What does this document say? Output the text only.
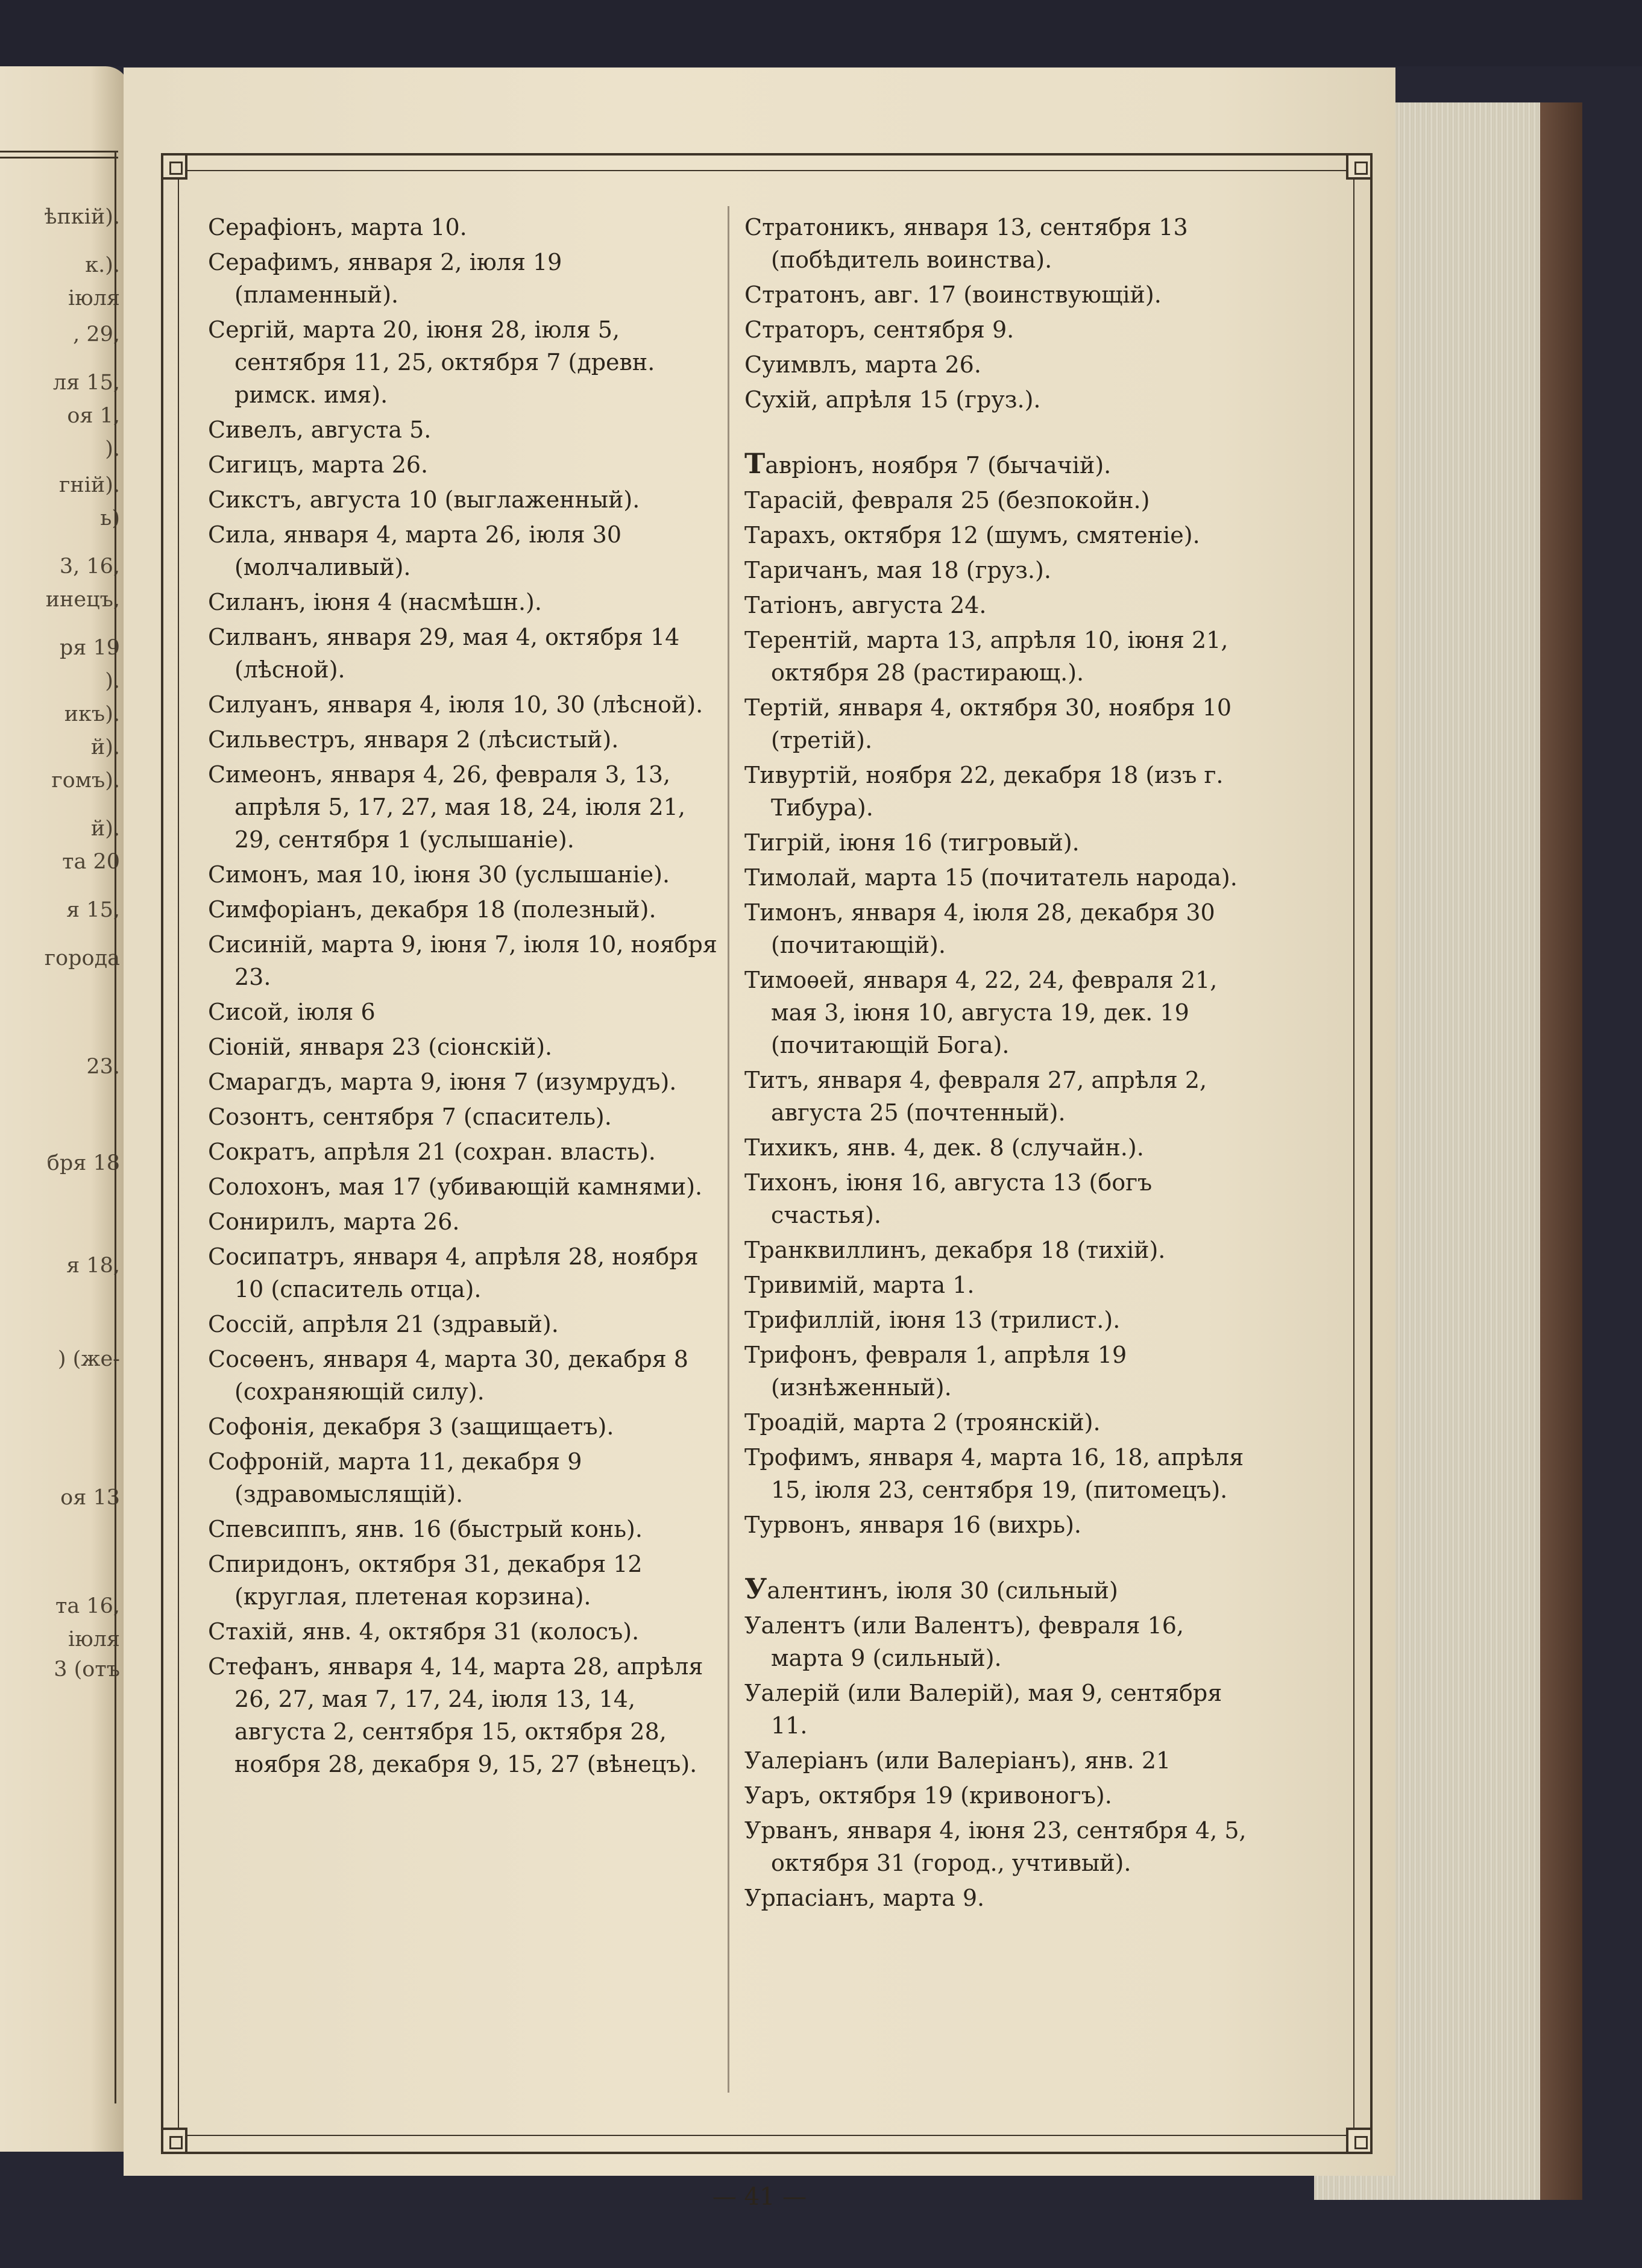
ѣпкій).
к.).
іюля
, 29,
ля 15,
оя 1,
).
гній).
ь)
3, 16,
инецъ,
ря 19
).
икъ).
й).
гомъ).
й).
та 20
я 15,
города
23.
бря 18
я 18,
) (же-
оя 13
та 16,
іюля
3 (отъ
Серафіонъ, марта 10.
Серафимъ, января 2, іюля 19 (пламенный).
Сергій, марта 20, іюня 28, іюля 5, сентября 11, 25, октября 7 (древн. римск. имя).
Сивелъ, августа 5.
Сигицъ, марта 26.
Сикстъ, августа 10 (выглаженный).
Сила, января 4, марта 26, іюля 30 (молчаливый).
Силанъ, іюня 4 (насмѣшн.).
Силванъ, января 29, мая 4, октября 14 (лѣсной).
Силуанъ, января 4, іюля 10, 30 (лѣсной).
Сильвестръ, января 2 (лѣсистый).
Симеонъ, января 4, 26, февраля 3, 13, апрѣля 5, 17, 27, мая 18, 24, іюля 21, 29, сентября 1 (услышаніе).
Симонъ, мая 10, іюня 30 (услышаніе).
Симфоріанъ, декабря 18 (полезный).
Сисиній, марта 9, іюня 7, іюля 10, ноября 23.
Сисой, іюля 6
Сіоній, января 23 (сіонскій).
Смарагдъ, марта 9, іюня 7 (изумрудъ).
Созонтъ, сентября 7 (спаситель).
Сократъ, апрѣля 21 (сохран. власть).
Солохонъ, мая 17 (убивающій камнями).
Сонирилъ, марта 26.
Сосипатръ, января 4, апрѣля 28, ноября 10 (спаситель отца).
Соссій, апрѣля 21 (здравый).
Сосѳенъ, января 4, марта 30, декабря 8 (сохраняющій силу).
Софонія, декабря 3 (защищаетъ).
Софроній, марта 11, декабря 9 (здравомыслящій).
Спевсиппъ, янв. 16 (быстрый конь).
Спиридонъ, октября 31, декабря 12 (круглая, плетеная корзина).
Стахій, янв. 4, октября 31 (колосъ).
Стефанъ, января 4, 14, марта 28, апрѣля 26, 27, мая 7, 17, 24, іюля 13, 14, августа 2, сентября 15, октября 28, ноября 28, декабря 9, 15, 27 (вѣнецъ).
Стратоникъ, января 13, сентября 13 (побѣдитель воинства).
Стратонъ, авг. 17 (воинствующій).
Страторъ, сентября 9.
Суимвлъ, марта 26.
Сухій, апрѣля 15 (груз.).
Тавріонъ, ноября 7 (бычачій).
Тарасій, февраля 25 (безпокойн.)
Тарахъ, октября 12 (шумъ, смятеніе).
Таричанъ, мая 18 (груз.).
Татіонъ, августа 24.
Терентій, марта 13, апрѣля 10, іюня 21, октября 28 (растирающ.).
Тертій, января 4, октября 30, ноября 10 (третій).
Тивуртій, ноября 22, декабря 18 (изъ г. Тибура).
Тигрій, іюня 16 (тигровый).
Тимолай, марта 15 (почитатель народа).
Тимонъ, января 4, іюля 28, декабря 30 (почитающій).
Тимоѳей, января 4, 22, 24, февраля 21, мая 3, іюня 10, августа 19, дек. 19 (почитающій Бога).
Титъ, января 4, февраля 27, апрѣля 2, августа 25 (почтенный).
Тихикъ, янв. 4, дек. 8 (случайн.).
Тихонъ, іюня 16, августа 13 (богъ счастья).
Транквиллинъ, декабря 18 (тихій).
Тривимій, марта 1.
Трифиллій, іюня 13 (трилист.).
Трифонъ, февраля 1, апрѣля 19 (изнѣженный).
Троадій, марта 2 (троянскій).
Трофимъ, января 4, марта 16, 18, апрѣля 15, іюля 23, сентября 19, (питомецъ).
Турвонъ, января 16 (вихрь).
Уалентинъ, іюля 30 (сильный)
Уалентъ (или Валентъ), февраля 16, марта 9 (сильный).
Уалерій (или Валерій), мая 9, сентября 11.
Уалеріанъ (или Валеріанъ), янв. 21
Уаръ, октября 19 (кривоногъ).
Урванъ, января 4, іюня 23, сентября 4, 5, октября 31 (город., учтивый).
Урпасіанъ, марта 9.
— 41 —
